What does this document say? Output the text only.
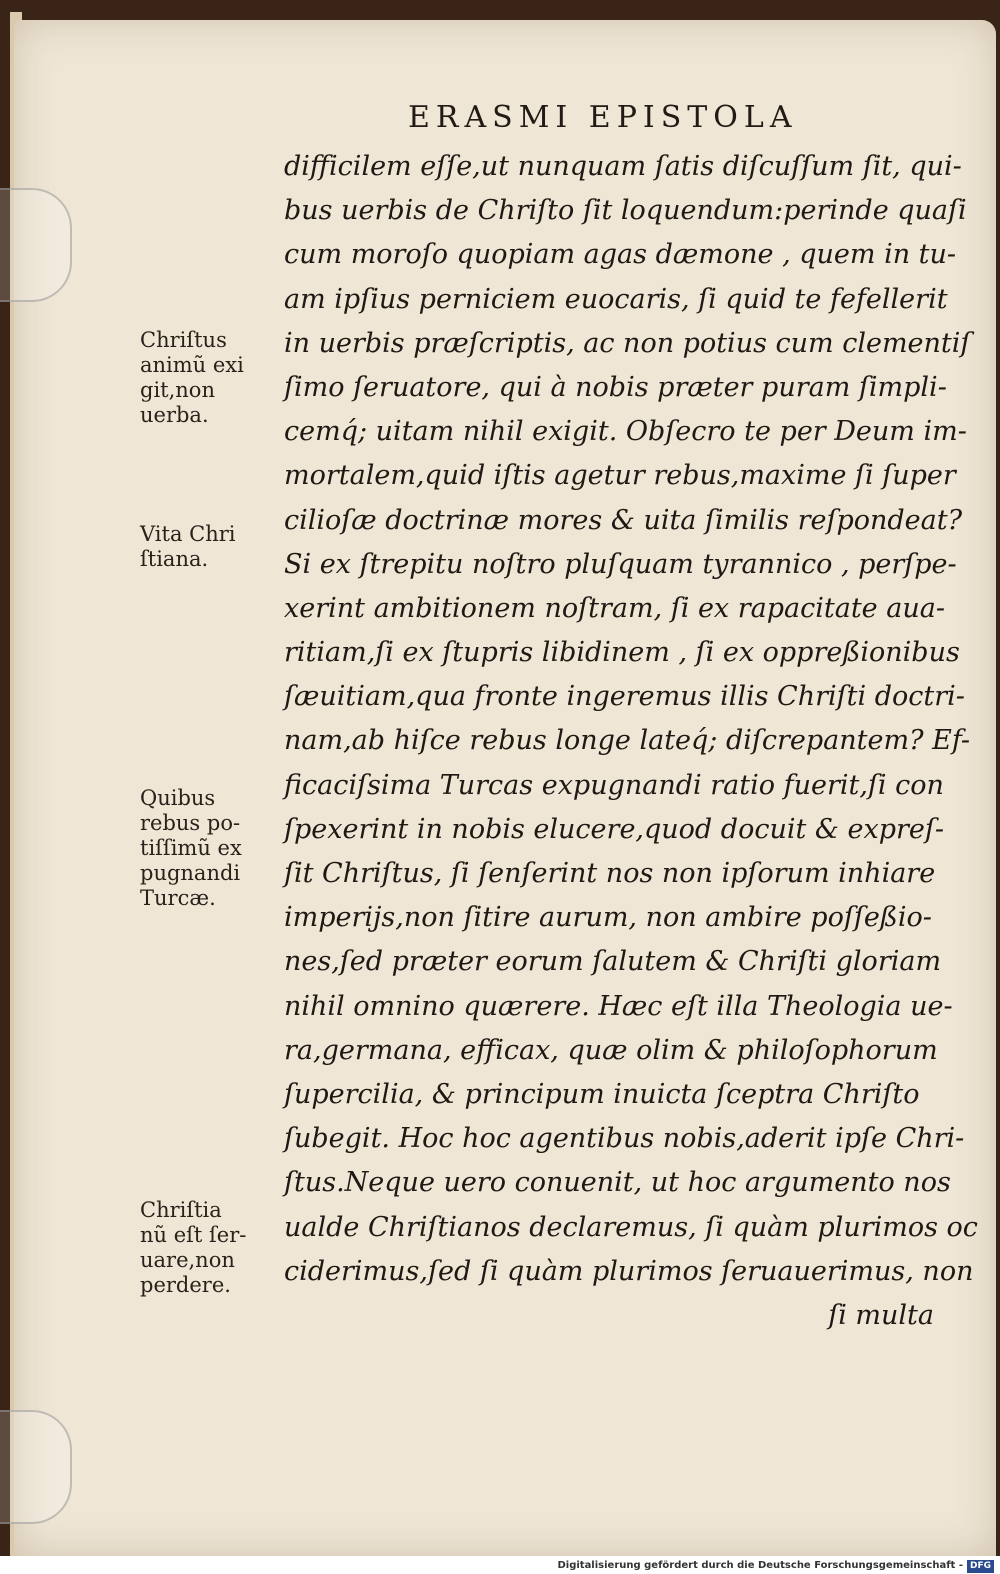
ERASMI EPISTOLA
difficilem eſſe,ut nunquam ſatis diſcuſſum ſit, qui-
bus uerbis de Chriſto ſit loquendum:perinde quaſi
cum moroſo quopiam agas dæmone , quem in tu-
am ipſius perniciem euocaris, ſi quid te fefellerit
in uerbis præſcriptis, ac non potius cum clementiſ
ſimo ſeruatore, qui à nobis præter puram ſimpli-
cemq́; uitam nihil exigit. Obſecro te per Deum im-
mortalem,quid iſtis agetur rebus,maxime ſi ſuper
cilioſæ doctrinæ mores & uita ſimilis reſpondeat?
Si ex ſtrepitu noſtro pluſquam tyrannico , perſpe-
xerint ambitionem noſtram, ſi ex rapacitate aua-
ritiam,ſi ex ſtupris libidinem , ſi ex oppreßionibus
ſæuitiam,qua fronte ingeremus illis Chriſti doctri-
nam,ab hiſce rebus longe lateq́; diſcrepantem? Ef-
ficaciſsima Turcas expugnandi ratio fuerit,ſi con
ſpexerint in nobis elucere,quod docuit & expreſ-
ſit Chriſtus, ſi ſenſerint nos non ipſorum inhiare
imperijs,non ſitire aurum, non ambire poſſeßio-
nes,ſed præter eorum ſalutem & Chriſti gloriam
nihil omnino quærere. Hæc eſt illa Theologia ue-
ra,germana, efficax, quæ olim & philoſophorum
ſupercilia, & principum inuicta ſceptra Chriſto
ſubegit. Hoc hoc agentibus nobis,aderit ipſe Chri-
ſtus.Neque uero conuenit, ut hoc argumento nos
ualde Chriſtianos declaremus, ſi quàm plurimos oc
ciderimus,ſed ſi quàm plurimos ſeruauerimus, non
ſi multa
Chriſtus
animũ exi
git,non
uerba.
Vita Chri
ſtiana.
Quibus
rebus po-
tiſſimũ ex
pugnandi
Turcæ.
Chriſtia
nũ eſt ſer-
uare,non
perdere.
Digitalisierung gefördert durch die Deutsche Forschungsgemeinschaft - DFG
